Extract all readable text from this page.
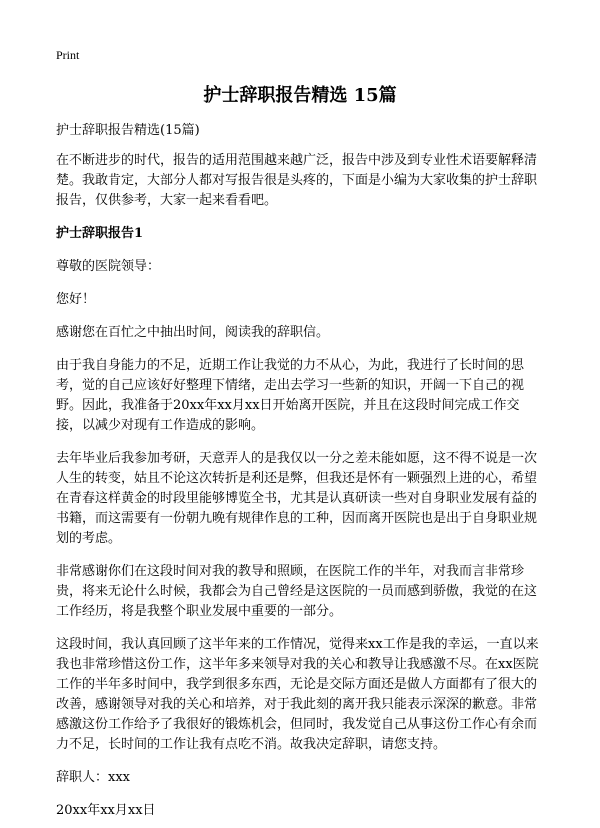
Print
护士辞职报告精选 15篇

护士辞职报告精选(15篇)

在不断进步的时代，报告的适用范围越来越广泛，报告中涉及到专业性术语要解释清楚。我敢肯定，大部分人都对写报告很是头疼的，下面是小编为大家收集的护士辞职报告，仅供参考，大家一起来看看吧。

护士辞职报告1

尊敬的医院领导：

您好！

感谢您在百忙之中抽出时间，阅读我的辞职信。

由于我自身能力的不足，近期工作让我觉的力不从心，为此，我进行了长时间的思考，觉的自己应该好好整理下情绪，走出去学习一些新的知识，开阔一下自己的视野。因此，我准备于20xx年xx月xx日开始离开医院，并且在这段时间完成工作交接，以减少对现有工作造成的影响。

去年毕业后我参加考研，天意弄人的是我仅以一分之差未能如愿，这不得不说是一次人生的转变，姑且不论这次转折是利还是弊，但我还是怀有一颗强烈上进的心，希望在青春这样黄金的时段里能够博览全书，尤其是认真研读一些对自身职业发展有益的书籍，而这需要有一份朝九晚有规律作息的工种，因而离开医院也是出于自身职业规划的考虑。

非常感谢你们在这段时间对我的教导和照顾，在医院工作的半年，对我而言非常珍贵，将来无论什么时候，我都会为自己曾经是这医院的一员而感到骄傲，我觉的在这工作经历，将是我整个职业发展中重要的一部分。

这段时间，我认真回顾了这半年来的工作情况，觉得来xx工作是我的幸运，一直以来我也非常珍惜这份工作，这半年多来领导对我的关心和教导让我感激不尽。在xx医院工作的半年多时间中，我学到很多东西，无论是交际方面还是做人方面都有了很大的改善，感谢领导对我的关心和培养，对于我此刻的离开我只能表示深深的歉意。非常感激这份工作给予了我很好的锻炼机会，但同时，我发觉自己从事这份工作心有余而力不足，长时间的工作让我有点吃不消。故我决定辞职，请您支持。

辞职人：xxx

20xx年xx月xx日
